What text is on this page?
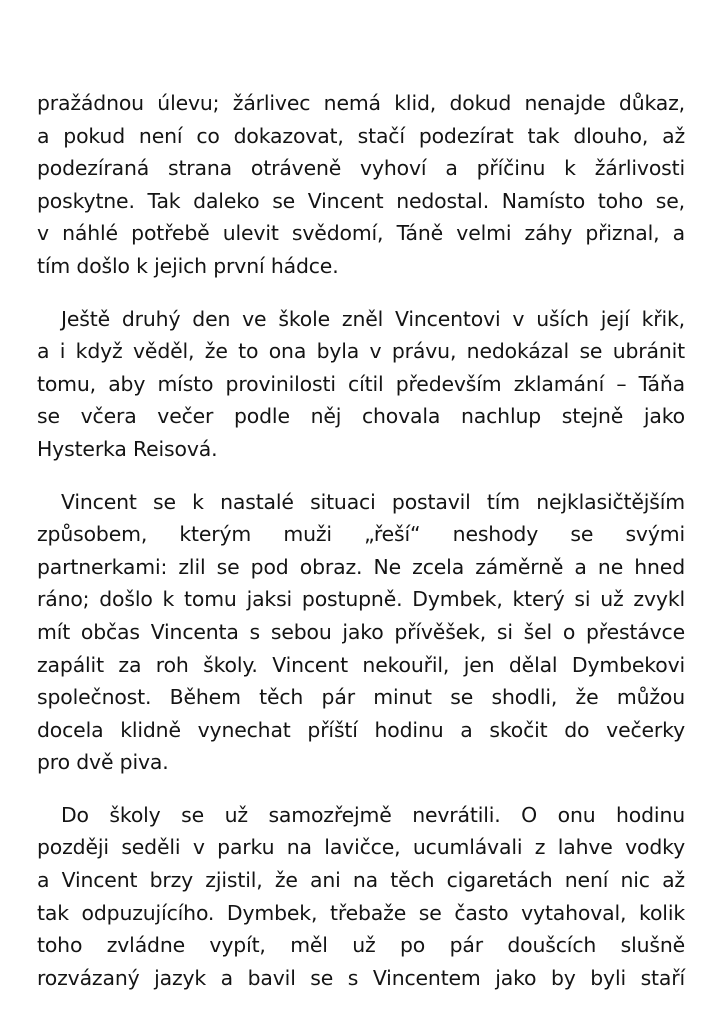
pražádnou úlevu; žárlivec nemá klid, dokud nenajde důkaz,
a pokud není co dokazovat, stačí podezírat tak dlouho, až
podezíraná strana otráveně vyhoví a příčinu k žárlivosti
poskytne. Tak daleko se Vincent nedostal. Namísto toho se,
v náhlé potřebě ulevit svědomí, Táně velmi záhy přiznal, a
tím došlo k jejich první hádce.

Ještě druhý den ve škole zněl Vincentovi v uších její křik,
a i když věděl, že to ona byla v právu, nedokázal se ubránit
tomu, aby místo provinilosti cítil především zklamání – Táňa
se včera večer podle něj chovala nachlup stejně jako
Hysterka Reisová.

Vincent se k nastalé situaci postavil tím nejklasičtějším
způsobem, kterým muži „řeší“ neshody se svými
partnerkami: zlil se pod obraz. Ne zcela záměrně a ne hned
ráno; došlo k tomu jaksi postupně. Dymbek, který si už zvykl
mít občas Vincenta s sebou jako přívěšek, si šel o přestávce
zapálit za roh školy. Vincent nekouřil, jen dělal Dymbekovi
společnost. Během těch pár minut se shodli, že můžou
docela klidně vynechat příští hodinu a skočit do večerky
pro dvě piva.

Do školy se už samozřejmě nevrátili. O onu hodinu
později seděli v parku na lavičce, ucumlávali z lahve vodky
a Vincent brzy zjistil, že ani na těch cigaretách není nic až
tak odpuzujícího. Dymbek, třebaže se často vytahoval, kolik
toho zvládne vypít, měl už po pár doušcích slušně
rozvázaný jazyk a bavil se s Vincentem jako by byli staří
